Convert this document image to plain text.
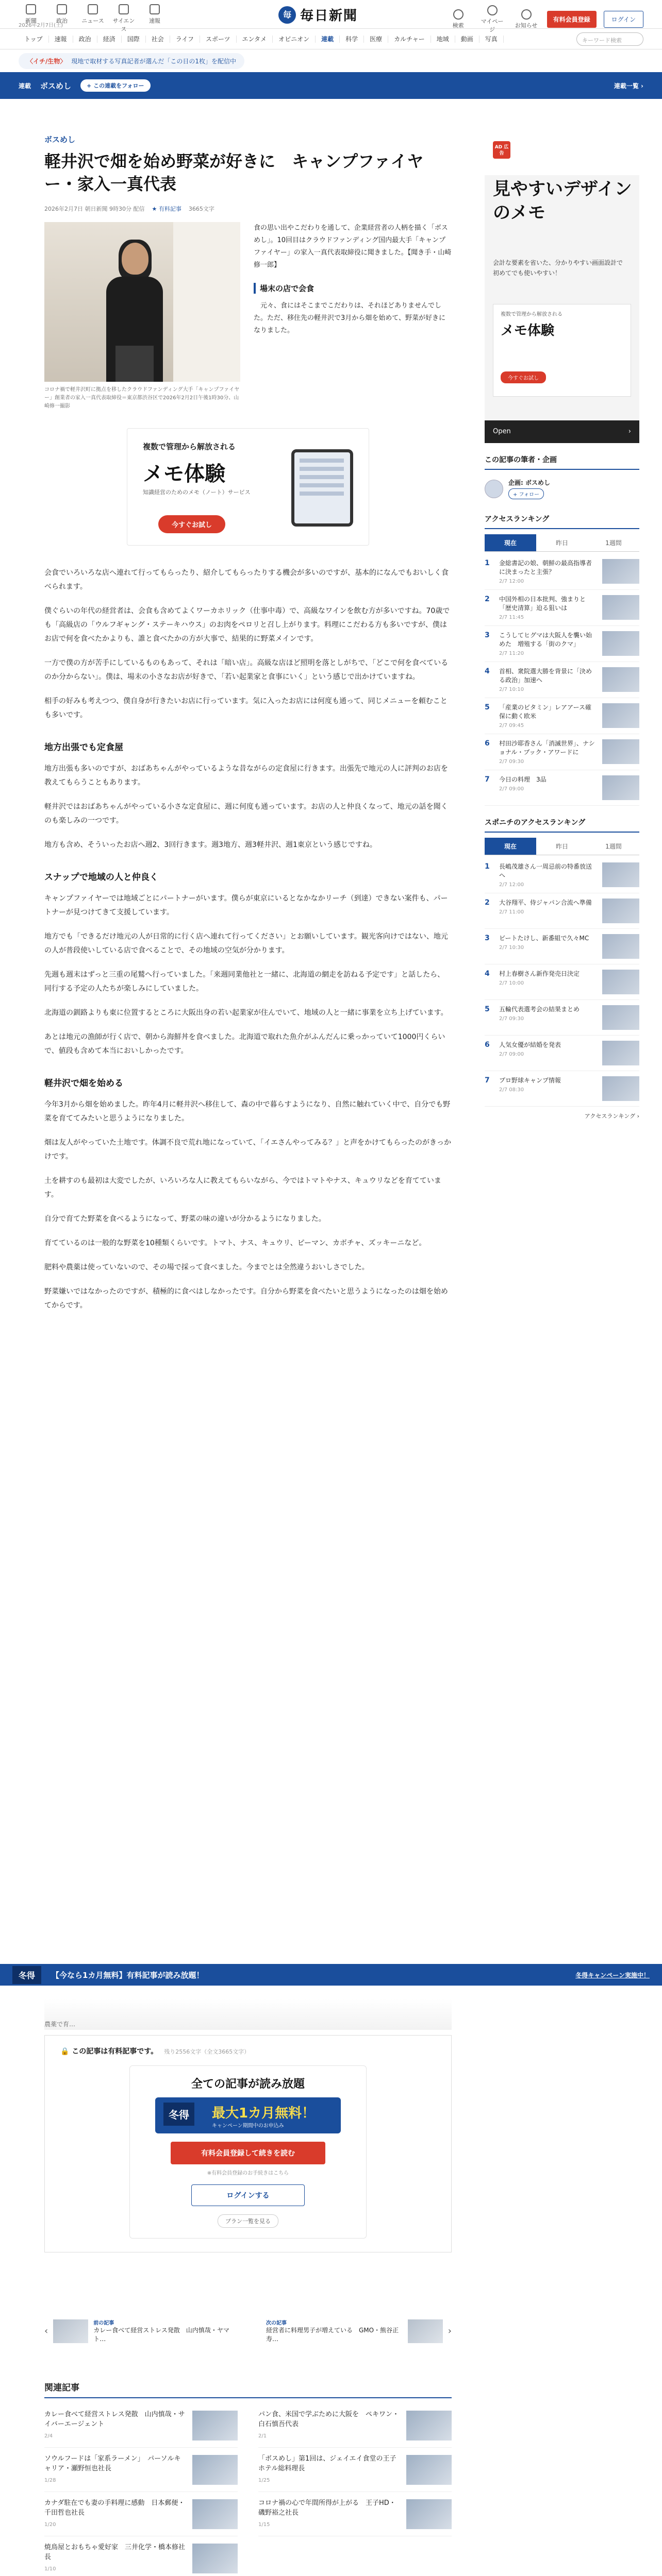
新聞	政治	ニュース サイエンス
速報
2026年2月7日(土)
毎 毎日新聞
検索
マイページ
お知らせ
有料会員登録	ログイン
トップ	速報	政治	経済	国際	社会	ライフ	スポーツ	エンタメ	オピニオン	連載	科学	医療	カルチャー	地域	動画	写真	キーワード検索
〈イチ/生物〉 現地で取材する写真記者が選んだ「この日の1枚」を配信中
連載 ボスめし	+ この連載をフォロー	連載一覧 ›
ボスめし
軽井沢で畑を始め野菜が好きに　キャンプファイヤー・家入一真代表
2026年2月7日 朝日新聞 9時30分 配信 ★ 有料記事 3665文字
コロナ禍で軽井沢町に拠点を移したクラウドファンディング大手「キャンプファイヤー」創業者の家入一真代表取締役＝東京都渋谷区で2026年2月2日午後1時30分、山崎修一撮影

食の思い出やこだわりを通して、企業経営者の人柄を描く「ボスめし」。10回目はクラウドファンディング国内最大手「キャンプファイヤー」の家入一真代表取締役に聞きました。【聞き手・山崎修一郎】

場末の店で会食

　元々、食にはそこまでこだわりは、それほどありませんでした。ただ、移住先の軽井沢で3月から畑を始めて、野菜が好きになりました。

複数で管理から解放される
メモ体験
知識経営のためのメモ（ノート）サービス
今すぐお試し

会食でいろいろな店へ連れて行ってもらったり、紹介してもらったりする機会が多いのですが、基本的になんでもおいしく食べられます。

僕ぐらいの年代の経営者は、会食も含めてよくワーカホリック（仕事中毒）で、高級なワインを飲む方が多いですね。70歳でも「高級店の「ウルフギャング・ステーキハウス」のお肉をペロリと召し上がります。料理にこだわる方も多いですが、僕はお店で何を食べたかよりも、誰と食べたかの方が大事で、結果的に野菜メインです。

一方で僕の方が苦手にしているものもあって、それは「暗い店」。高級な店ほど照明を落としがちで、「どこで何を食べているのか分からない」。僕は、場末の小さなお店が好きで、「若い起業家と食事にいく」という感じで出かけていますね。

相手の好みも考えつつ、僕自身が行きたいお店に行っています。気に入ったお店には何度も通って、同じメニューを頼むことも多いです。

地方出張でも定食屋

地方出張も多いのですが、おばあちゃんがやっているような昔ながらの定食屋に行きます。出張先で地元の人に評判のお店を教えてもらうこともあります。

軽井沢ではおばあちゃんがやっている小さな定食屋に、週に何度も通っています。お店の人と仲良くなって、地元の話を聞くのも楽しみの一つです。

地方も含め、そういったお店へ週2、3回行きます。週3地方、週3軽井沢、週1東京という感じですね。

スナップで地域の人と仲良く

キャンプファイヤーでは地域ごとにパートナーがいます。僕らが東京にいるとなかなかリーチ（到達）できない案件も、パートナーが見つけてきて支援しています。

地方でも「できるだけ地元の人が日常的に行く店へ連れて行ってください」とお願いしています。観光客向けではない、地元の人が普段使いしている店で食べることで、その地域の空気が分かります。

先週も週末はずっと三重の尾鷲へ行っていました。「来週同業他社と一緒に、北海道の網走を訪ねる予定です」と話したら、同行する予定の人たちが楽しみにしていました。

北海道の釧路よりも東に位置するところに大阪出身の若い起業家が住んでいて、地域の人と一緒に事業を立ち上げています。

あとは地元の漁師が行く店で、朝から海鮮丼を食べました。北海道で取れた魚介がふんだんに乗っかっていて1000円くらいで、値段も含めて本当においしかったです。

軽井沢で畑を始める

今年3月から畑を始めました。昨年4月に軽井沢へ移住して、森の中で暮らすようになり、自然に触れていく中で、自分でも野菜を育ててみたいと思うようになりました。

畑は友人がやっていた土地です。体調不良で荒れ地になっていて、「イエさんやってみる？」と声をかけてもらったのがきっかけです。

土を耕すのも最初は大変でしたが、いろいろな人に教えてもらいながら、今ではトマトやナス、キュウリなどを育てています。

自分で育てた野菜を食べるようになって、野菜の味の違いが分かるようになりました。

育てているのは一般的な野菜を10種類くらいです。トマト、ナス、キュウリ、ピーマン、カボチャ、ズッキーニなど。

肥料や農薬は使っていないので、その場で採って食べました。今までとは全然違うおいしさでした。

野菜嫌いではなかったのですが、積極的に食べはしなかったです。自分から野菜を食べたいと思うようになったのは畑を始めてからです。

AD 広告
見やすいデザインのメモ
会計な要素を省いた、分かりやすい画面設計で初めてでも使いやすい！
複数で管理から解放される
メモ体験
今すぐお試し
Open	›
この記事の筆者・企画
企画: ボスめし
+ フォロー
アクセスランキング
現在	昨日	1週間
1	金総書記の娘、朝鮮の最高指導者に決まったと主張？
2/7 12:00
2	中国外相の日本批判、強まりと「歴史清算」迫る狙いは
2/7 11:45
3	こうしてヒグマは大阪人を襲い始めた　増殖する「街のクマ」
2/7 11:20
4	首相、衆院選大勝を背景に「決める政治」加速へ
2/7 10:10
5	「産業のビタミン」レアアース確保に動く欧米
2/7 09:45
6	村田沙耶香さん「消滅世界」、ナショナル・ブック・アワードに
2/7 09:30
7	今日の料理　3品
2/7 09:00
スポニチのアクセスランキング
現在	昨日	1週間
1	長嶋茂雄さん一周忌前の特番放送へ
2/7 12:00
2	大谷翔平、侍ジャパン合流へ準備
2/7 11:00
3	ビートたけし、新番組で久々MC
2/7 10:30
4	村上春樹さん新作発売日決定
2/7 10:00
5	五輪代表選考会の結果まとめ
2/7 09:30
6	人気女優が結婚を発表
2/7 09:00
7	プロ野球キャンプ情報
2/7 08:30
アクセスランキング ›
冬得	【今なら1カ月無料】有料記事が読み放題！	冬得キャンペーン実施中！
農薬で育…
🔒 この記事は有料記事です。 残り2556文字（全文3665文字）
全ての記事が読み放題
冬得	最大1カ月無料！
キャンペーン期間中のお申込み
有料会員登録して続きを読む
※有料会員登録のお手続きはこちら
ログインする
プラン一覧を見る
‹
前の記事
カレー食べて経営ストレス発散　山内慎哉・ヤマト…
次の記事
経営者に料理男子が増えている　GMO・熊谷正寿…
›
関連記事
カレー食べて経営ストレス発散　山内慎哉・サイバーエージェント
2/4
パン食、米国で学ぶために大阪を　ペキワン・白石慎吾代表
2/1
ソウルフードは「家系ラーメン」　パーソルキャリア・瀬野恒也社長
1/28
「ボスめし」第1回は、ジェイエイ食堂の王子ホテル総料理長
1/25
カナダ駐在でも妻の手料理に感動　日本郵便・千田哲也社長
1/20
コロナ禍の心で年間所得が上がる　王子HD・磯野裕之社長
1/15
焼鳥屋とおもちゃ愛好家　三井化学・橋本修社長
1/10
